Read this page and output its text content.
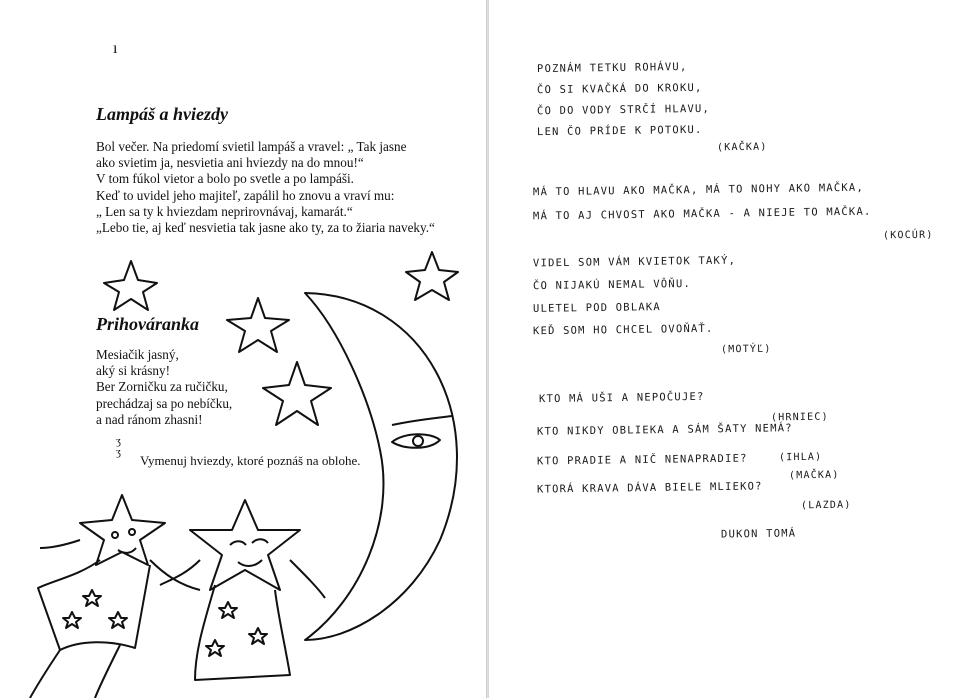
ı
Lampáš a hviezdy
Bol večer. Na priedomí svietil lampáš a vravel: „ Tak jasne
ako svietim ja, nesvietia ani hviezdy na do mnou!“
V tom fúkol vietor a bolo po svetle a po lampáši.
Keď to uvidel jeho majiteľ, zapálil ho znovu a vraví mu:
„ Len sa ty k hviezdam neprirovnávaj, kamarát.“
„Lebo tie, aj keď nesvietia tak jasne ako ty, za to žiaria naveky.“
Prihováranka
Mesiačik jasný,
aký si krásny!
Ber Zorničku za ručičku,
prechádzaj sa po nebíčku,
a nad ránom zhasni!
ʒ
ʒ
Vymenuj hviezdy, ktoré poznáš na oblohe.
POZNÁM TETKU ROHÁVU,
ČO SI KVAČKÁ DO KROKU,
ČO DO VODY STRČÍ HLAVU,
LEN ČO PRÍDE K POTOKU.
(KAČKA)
MÁ TO HLAVU AKO MAČKA, MÁ TO NOHY AKO MAČKA,
MÁ TO AJ CHVOST AKO MAČKA - A NIEJE TO MAČKA.
(KOCÚR)
VIDEL SOM VÁM KVIETOK TAKÝ,
ČO NIJAKÚ NEMAL VÔŇU.
ULETEL POD OBLAKA
KEĎ SOM HO CHCEL OVOŇAŤ.
(MOTÝĽ)
KTO MÁ UŠI A NEPOČUJE?
(HRNIEC)
KTO NIKDY OBLIEKA A SÁM ŠATY NEMÁ?
(IHLA)
KTO PRADIE A NIČ NENAPRADIE?
(MAČKA)
KTORÁ KRAVA DÁVA BIELE MLIEKO?
(LAZDA)
DUKON TOMÁ
